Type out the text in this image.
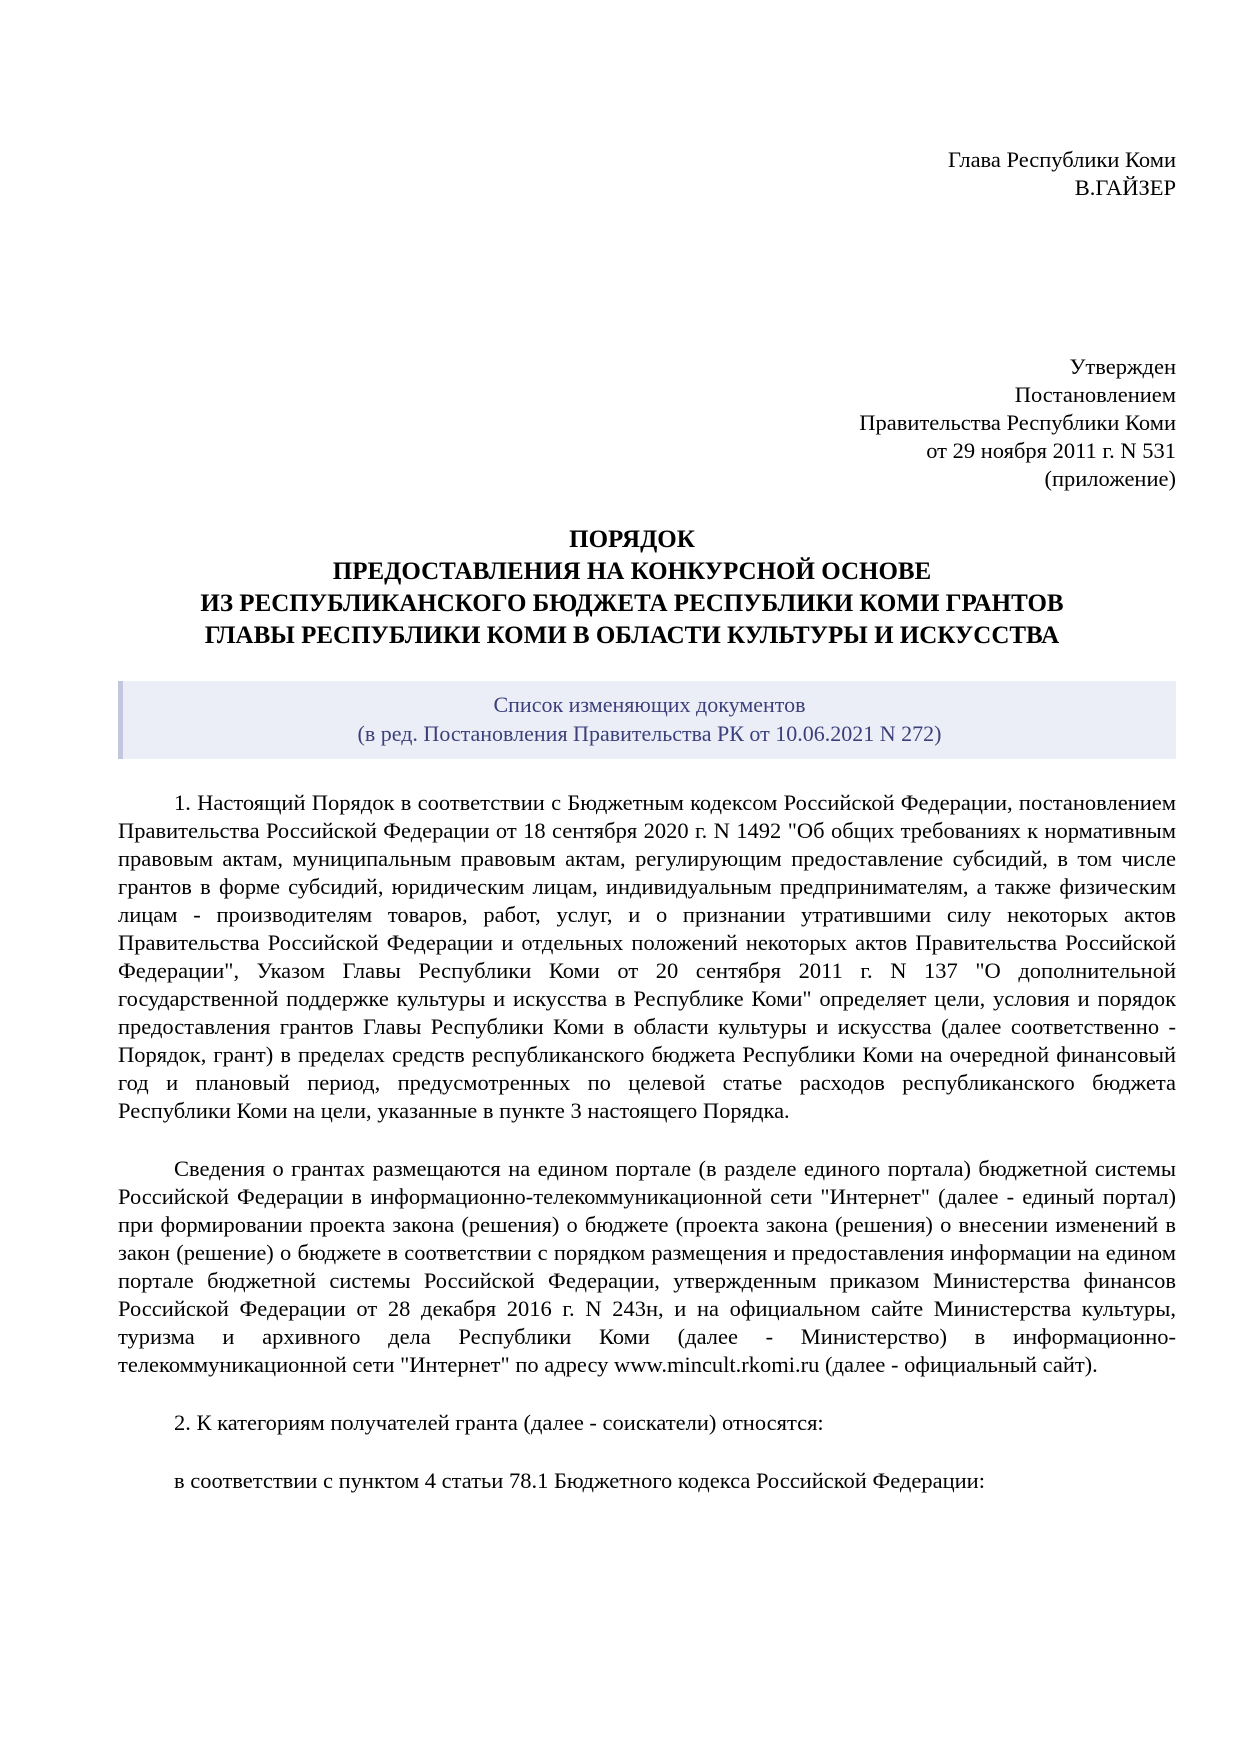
Глава Республики Коми
В.ГАЙЗЕР
Утвержден
Постановлением
Правительства Республики Коми
от 29 ноября 2011 г. N 531
(приложение)
ПОРЯДОК
ПРЕДОСТАВЛЕНИЯ НА КОНКУРСНОЙ ОСНОВЕ
ИЗ РЕСПУБЛИКАНСКОГО БЮДЖЕТА РЕСПУБЛИКИ КОМИ ГРАНТОВ
ГЛАВЫ РЕСПУБЛИКИ КОМИ В ОБЛАСТИ КУЛЬТУРЫ И ИСКУССТВА
Список изменяющих документов
(в ред. Постановления Правительства РК от 10.06.2021 N 272)

1. Настоящий Порядок в соответствии с Бюджетным кодексом Российской Федерации, постановлением Правительства Российской Федерации от 18 сентября 2020 г. N 1492 "Об общих требованиях к нормативным правовым актам, муниципальным правовым актам, регулирующим предоставление субсидий, в том числе грантов в форме субсидий, юридическим лицам, индивидуальным предпринимателям, а также физическим лицам - производителям товаров, работ, услуг, и о признании утратившими силу некоторых актов Правительства Российской Федерации и отдельных положений некоторых актов Правительства Российской Федерации", Указом Главы Республики Коми от 20 сентября 2011 г. N 137 "О дополнительной государственной поддержке культуры и искусства в Республике Коми" определяет цели, условия и порядок предоставления грантов Главы Республики Коми в области культуры и искусства (далее соответственно - Порядок, грант) в пределах средств республиканского бюджета Республики Коми на очередной финансовый год и плановый период, предусмотренных по целевой статье расходов республиканского бюджета Республики Коми на цели, указанные в пункте 3 настоящего Порядка.

Сведения о грантах размещаются на едином портале (в разделе единого портала) бюджетной системы Российской Федерации в информационно-телекоммуникационной сети "Интернет" (далее - единый портал) при формировании проекта закона (решения) о бюджете (проекта закона (решения) о внесении изменений в закон (решение) о бюджете в соответствии с порядком размещения и предоставления информации на едином портале бюджетной системы Российской Федерации, утвержденным приказом Министерства финансов Российской Федерации от 28 декабря 2016 г. N 243н, и на официальном сайте Министерства культуры, туризма и архивного дела Республики Коми (далее - Министерство) в информационно-телекоммуникационной сети "Интернет" по адресу www.mincult.rkomi.ru (далее - официальный сайт).

2. К категориям получателей гранта (далее - соискатели) относятся:

в соответствии с пунктом 4 статьи 78.1 Бюджетного кодекса Российской Федерации:
